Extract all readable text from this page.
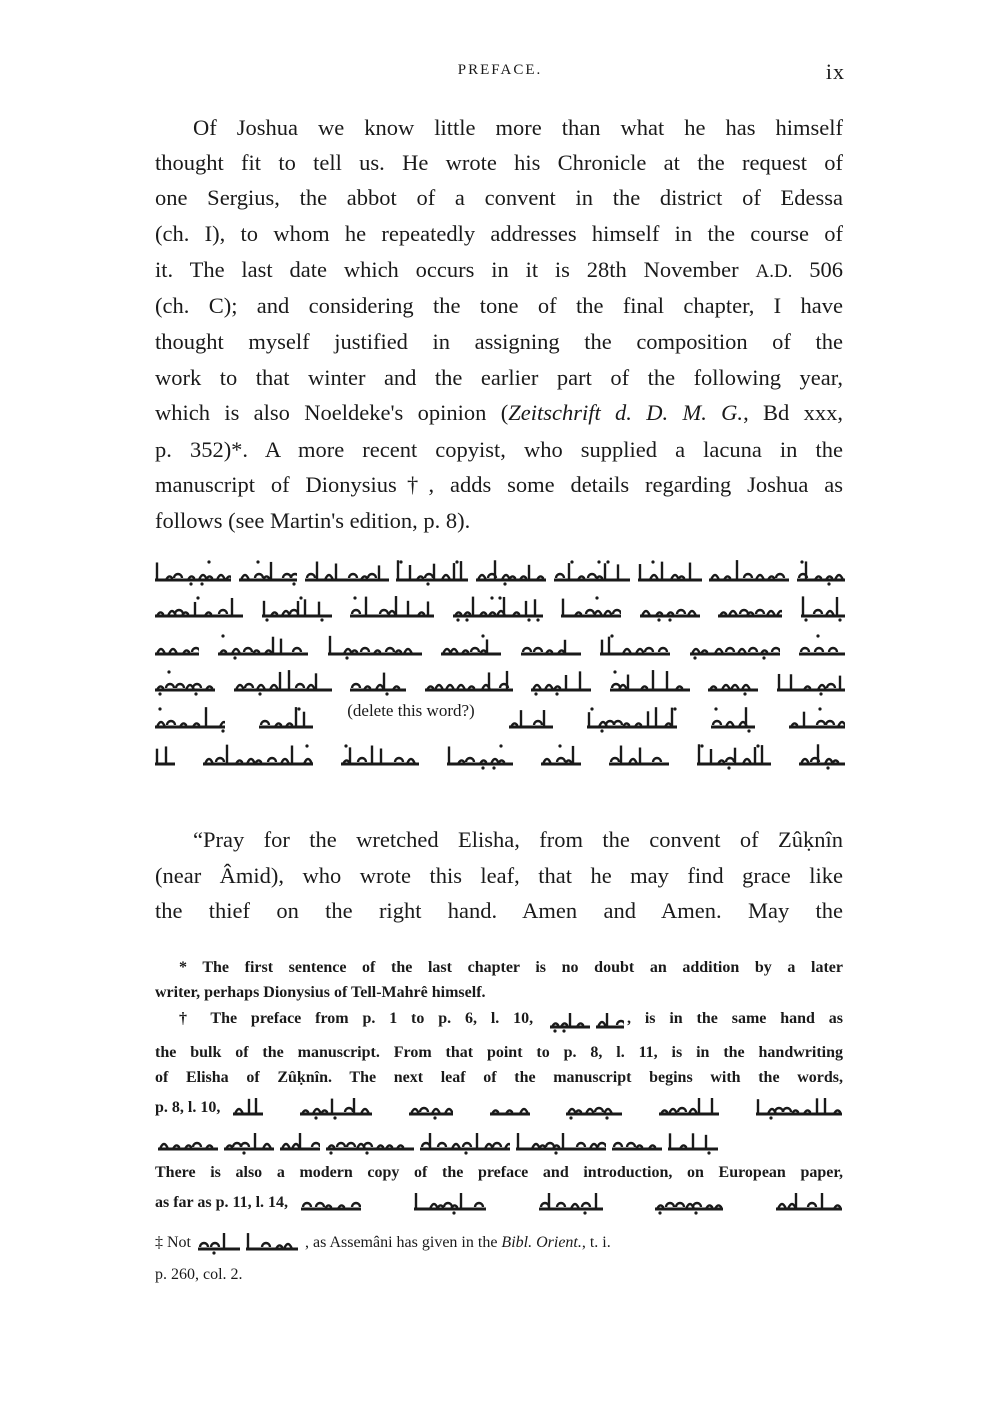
PREFACE.	ix
Of Joshua we know little more than what he has himself
thought fit to tell us. He wrote his Chronicle at the request of
one Sergius, the abbot of a convent in the district of Edessa
(ch. I), to whom he repeatedly addresses himself in the course of
it. The last date which occurs in it is 28th November A.D. 506
(ch. C); and considering the tone of the final chapter, I have
thought myself justified in assigning the composition of the
work to that winter and the earlier part of the following year,
which is also Noeldeke's opinion (Zeitschrift d. D. M. G., Bd xxx,
p. 352)*. A more recent copyist, who supplied a lacuna in the
manuscript of Dionysius†, adds some details regarding Joshua as
follows (see Martin's edition, p. 8).
(delete this word?)
“Pray for the wretched Elisha, from the convent of Zûḳnîn
(near Âmid), who wrote this leaf, that he may find grace like
the thief on the right hand. Amen and Amen. May the
* The first sentence of the last chapter is no doubt an addition by a later
writer, perhaps Dionysius of Tell-Mahrê himself.
† The preface from p. 1 to p. 6, l. 10,	, is in the same hand as
the bulk of the manuscript. From that point to p. 8, l. 11, is in the handwriting
of Elisha of Zûḳnîn. The next leaf of the manuscript begins with the words,
p. 8, l. 10,
There is also a modern copy of the preface and introduction, on European paper,
as far as p. 11, l. 14,
‡ Not	, as Assemâni has given in the
Bibl. Orient. , t. i.
p. 260, col. 2.
